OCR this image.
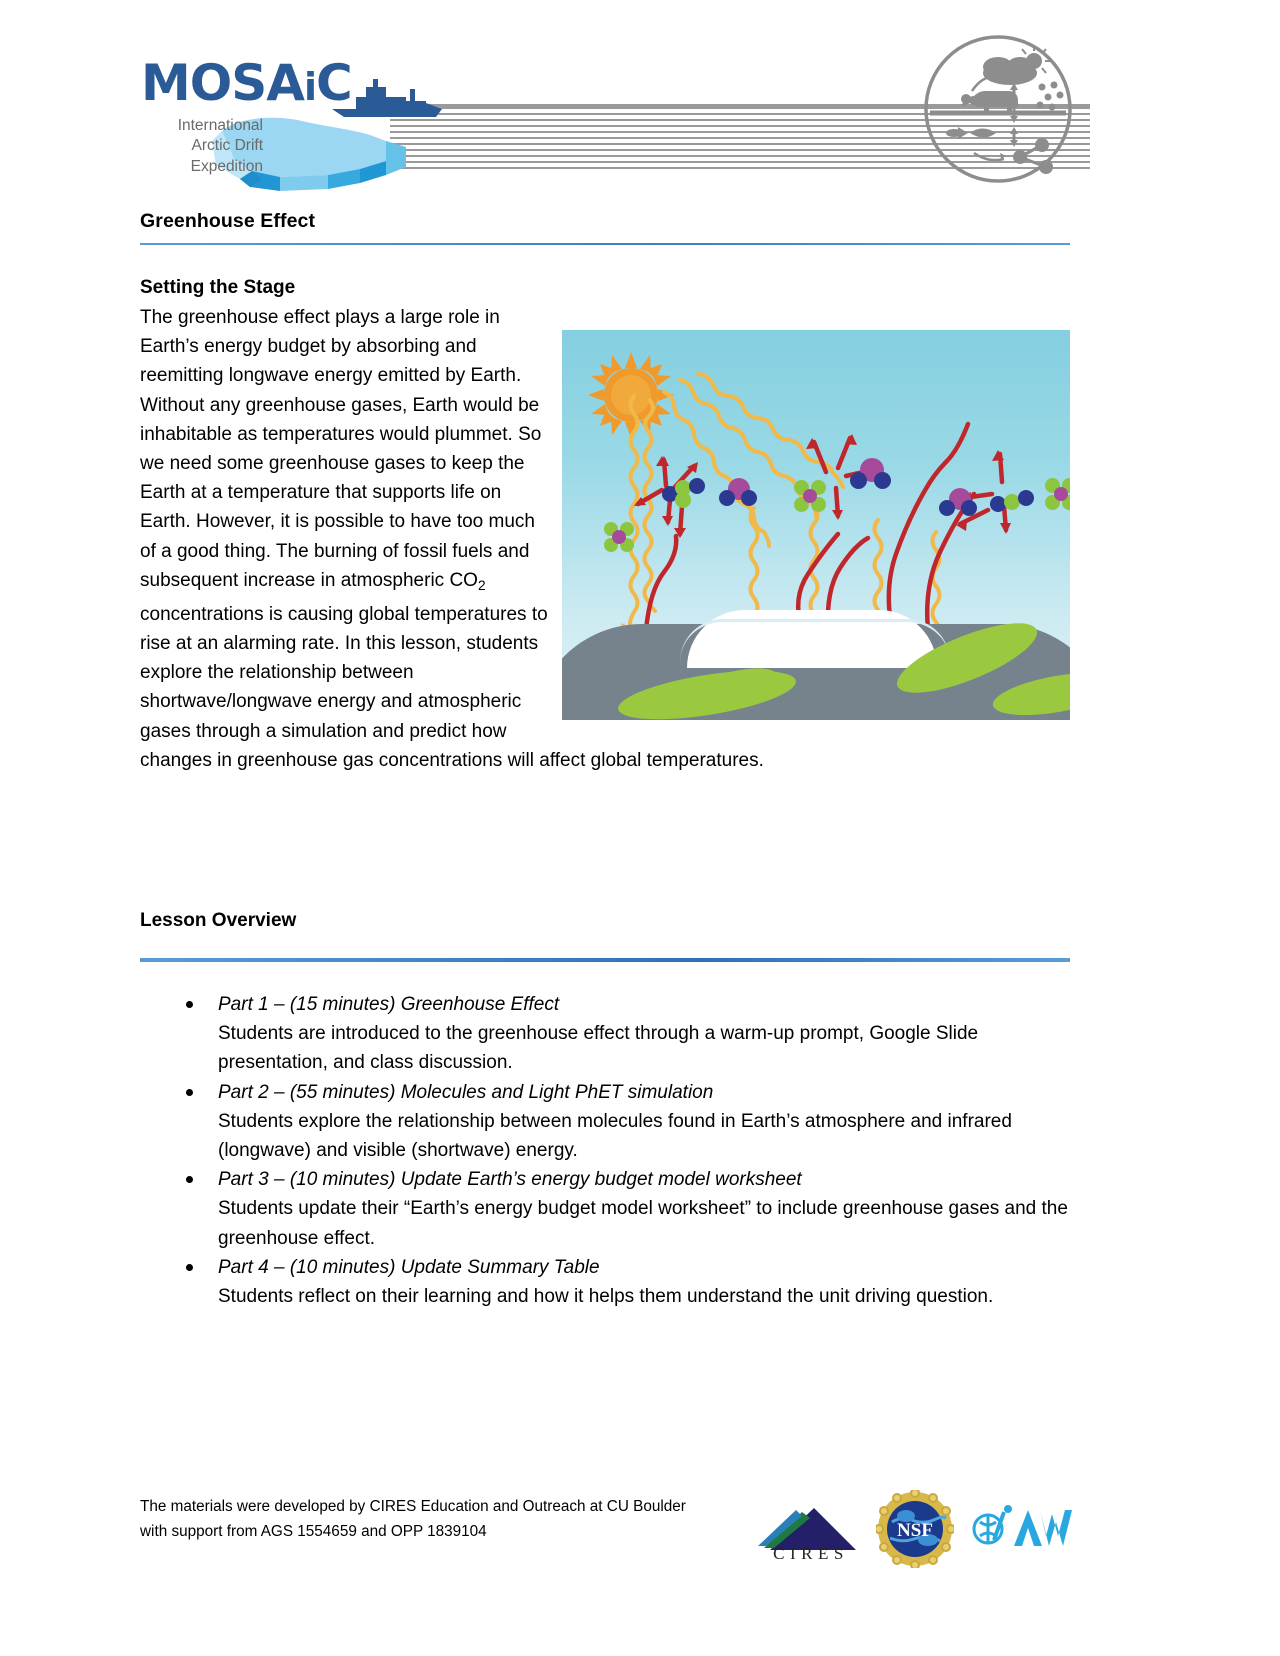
MOSAiC
International
Arctic Drift
Expedition
Greenhouse Effect
Setting the Stage

The greenhouse effect plays a large role in Earth’s energy budget by absorbing and reemitting longwave energy emitted by Earth. Without any greenhouse gases, Earth would be inhabitable as temperatures would plummet. So we need some greenhouse gases to keep the Earth at a temperature that supports life on Earth. However, it is possible to have too much of a good thing. The burning of fossil fuels and subsequent increase in atmospheric $CO_2$ concentrations is causing global temperatures to rise at an alarming rate. In this lesson, students explore the relationship between shortwave/longwave energy and atmospheric gases through a simulation and predict how changes in greenhouse gas concentrations will affect global temperatures.

Lesson Overview
Part 1 – (15 minutes) Greenhouse Effect
Students are introduced to the greenhouse effect through a warm-up prompt, Google Slide presentation, and class discussion.
Part 2 – (55 minutes) Molecules and Light PhET simulation
Students explore the relationship between molecules found in Earth’s atmosphere and infrared (longwave) and visible (shortwave) energy.
Part 3 – (10 minutes) Update Earth’s energy budget model worksheet
Students update their “Earth’s energy budget model worksheet” to include greenhouse gases and the greenhouse effect.
Part 4 – (10 minutes) Update Summary Table
Students reflect on their learning and how it helps them understand the unit driving question.
The materials were developed by CIRES Education and Outreach at CU Boulder
with support from AGS 1554659 and OPP 1839104
CIRES
NSF
